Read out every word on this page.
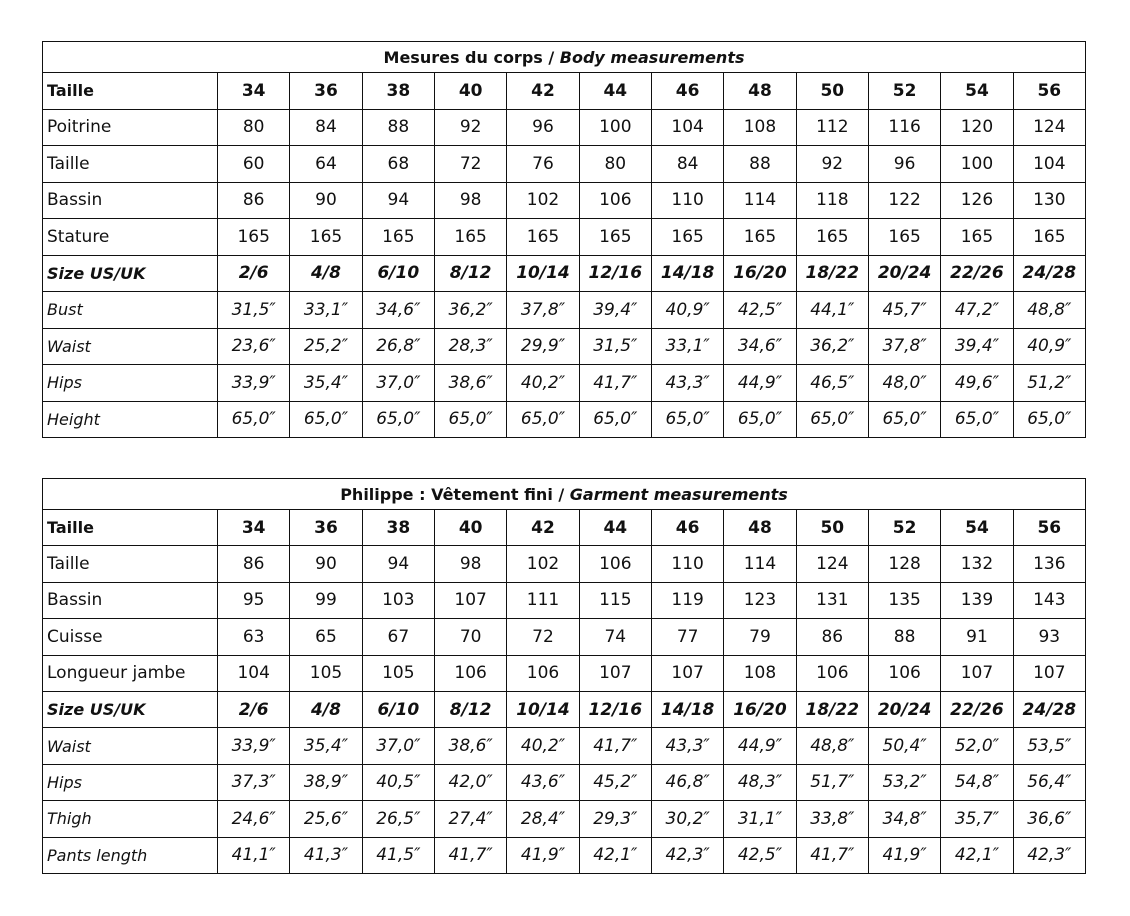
Mesures du corps / Body measurements												
Taille	34	36	38	40	42	44	46	48	50	52	54	56
Poitrine	80	84	88	92	96	100	104	108	112	116	120	124
Taille	60	64	68	72	76	80	84	88	92	96	100	104
Bassin	86	90	94	98	102	106	110	114	118	122	126	130
Stature	165	165	165	165	165	165	165	165	165	165	165	165
Size US/UK	2/6	4/8	6/10	8/12	10/14	12/16	14/18	16/20	18/22	20/24	22/26	24/28
Bust	31,5″	33,1″	34,6″	36,2″	37,8″	39,4″	40,9″	42,5″	44,1″	45,7″	47,2″	48,8″
Waist	23,6″	25,2″	26,8″	28,3″	29,9″	31,5″	33,1″	34,6″	36,2″	37,8″	39,4″	40,9″
Hips	33,9″	35,4″	37,0″	38,6″	40,2″	41,7″	43,3″	44,9″	46,5″	48,0″	49,6″	51,2″
Height	65,0″	65,0″	65,0″	65,0″	65,0″	65,0″	65,0″	65,0″	65,0″	65,0″	65,0″	65,0″
Philippe : Vêtement fini / Garment measurements												
Taille	34	36	38	40	42	44	46	48	50	52	54	56
Taille	86	90	94	98	102	106	110	114	124	128	132	136
Bassin	95	99	103	107	111	115	119	123	131	135	139	143
Cuisse	63	65	67	70	72	74	77	79	86	88	91	93
Longueur jambe	104	105	105	106	106	107	107	108	106	106	107	107
Size US/UK	2/6	4/8	6/10	8/12	10/14	12/16	14/18	16/20	18/22	20/24	22/26	24/28
Waist	33,9″	35,4″	37,0″	38,6″	40,2″	41,7″	43,3″	44,9″	48,8″	50,4″	52,0″	53,5″
Hips	37,3″	38,9″	40,5″	42,0″	43,6″	45,2″	46,8″	48,3″	51,7″	53,2″	54,8″	56,4″
Thigh	24,6″	25,6″	26,5″	27,4″	28,4″	29,3″	30,2″	31,1″	33,8″	34,8″	35,7″	36,6″
Pants length	41,1″	41,3″	41,5″	41,7″	41,9″	42,1″	42,3″	42,5″	41,7″	41,9″	42,1″	42,3″
